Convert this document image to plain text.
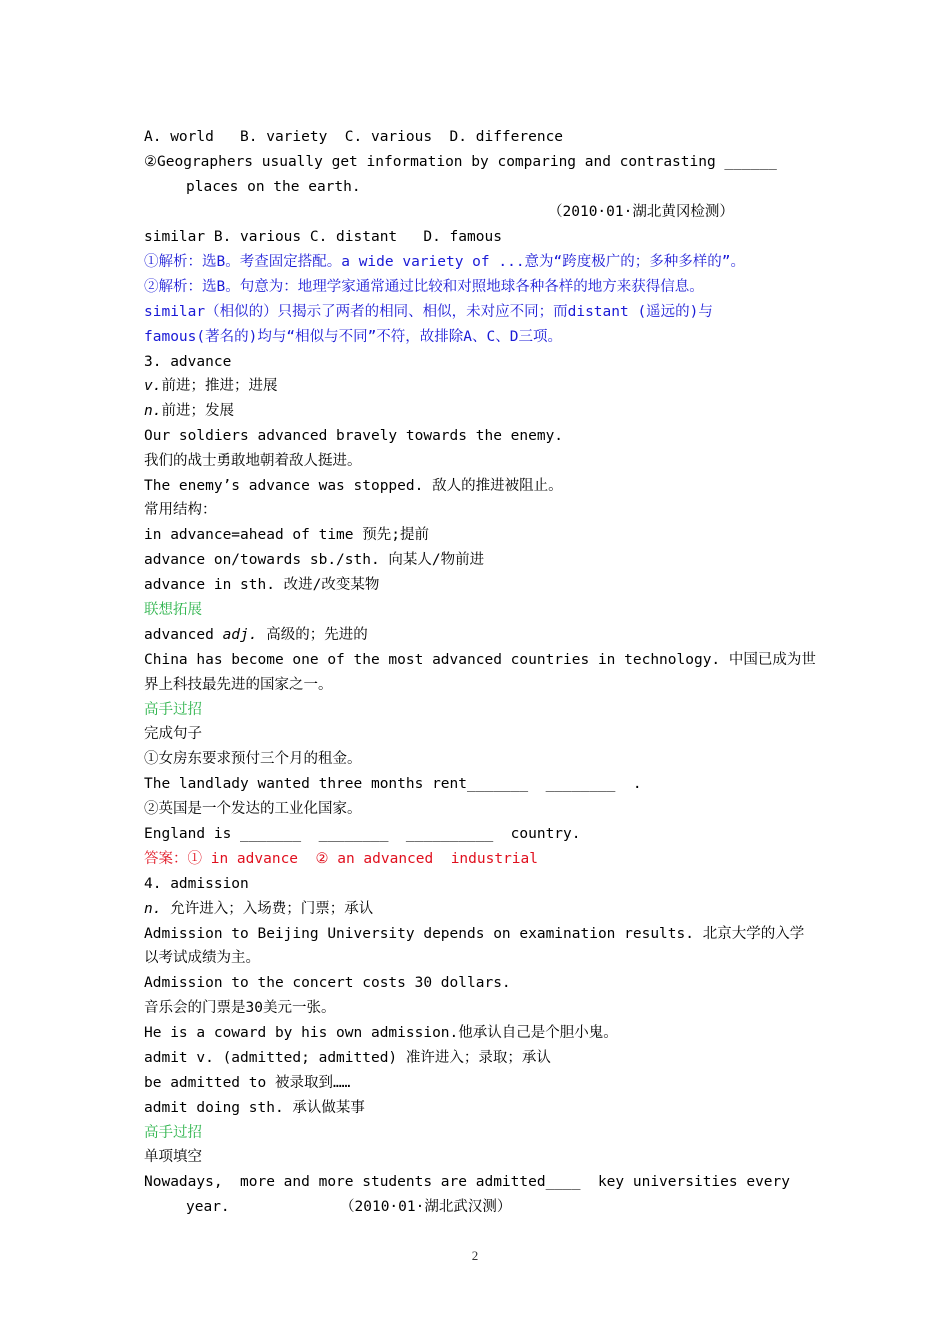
A. world   B. variety  C. various  D. difference
②Geographers usually get information by comparing and contrasting ______
places on the earth.
（2010·01·湖北黄冈检测）
similar B. various C. distant   D. famous
①解析：选B。考查固定搭配。a wide variety of ...意为“跨度极广的；多种多样的”。
②解析：选B。句意为：地理学家通常通过比较和对照地球各种各样的地方来获得信息。
similar（相似的）只揭示了两者的相同、相似，未对应不同；而distant (遥远的)与
famous(著名的)均与“相似与不同”不符，故排除A、C、D三项。
3. advance
v.前进；推进；进展
n.前进；发展
Our soldiers advanced bravely towards the enemy.
我们的战士勇敢地朝着敌人挺进。
The enemy’s advance was stopped. 敌人的推进被阻止。
常用结构：
in advance=ahead of time 预先;提前
advance on/towards sb./sth. 向某人/物前进
advance in sth. 改进/改变某物
联想拓展
advanced adj. 高级的；先进的
China has become one of the most advanced countries in technology. 中国已成为世
界上科技最先进的国家之一。
高手过招
完成句子
①女房东要求预付三个月的租金。
The landlady wanted three months rent_______  ________  .
②英国是一个发达的工业化国家。
England is _______  ________  __________  country.
答案：① in advance  ② an advanced  industrial
4. admission
n. 允许进入；入场费；门票；承认
Admission to Beijing University depends on examination results. 北京大学的入学
以考试成绩为主。
Admission to the concert costs 30 dollars.
音乐会的门票是30美元一张。
He is a coward by his own admission.他承认自己是个胆小鬼。
admit v. (admitted; admitted) 准许进入；录取；承认
be admitted to 被录取到……
admit doing sth. 承认做某事
高手过招
单项填空
Nowadays,  more and more students are admitted____  key universities every
year.	（2010·01·湖北武汉测）
2
